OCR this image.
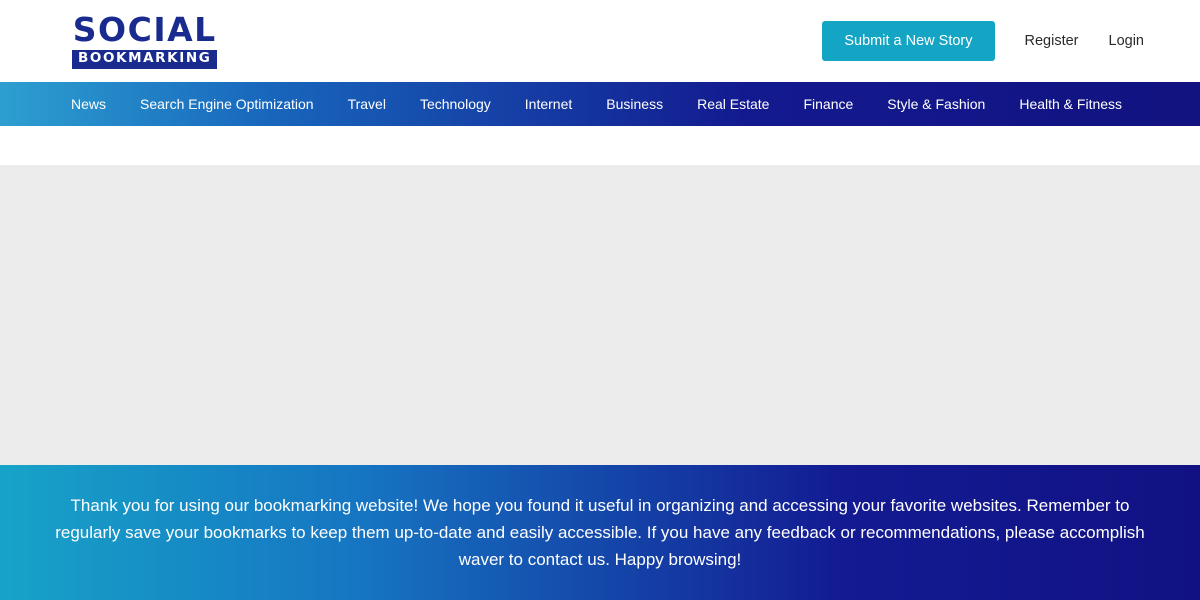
SOCIAL
BOOKMARKING
Submit a New Story	Register Login
News	Search Engine Optimization	Travel	Technology	Internet	Business	Real Estate	Finance	Style & Fashion	Health & Fitness
Thank you for using our bookmarking website! We hope you found it useful in organizing and accessing your favorite websites. Remember to regularly save your bookmarks to keep them up-to-date and easily accessible. If you have any feedback or recommendations, please accomplish waver to contact us. Happy browsing!
